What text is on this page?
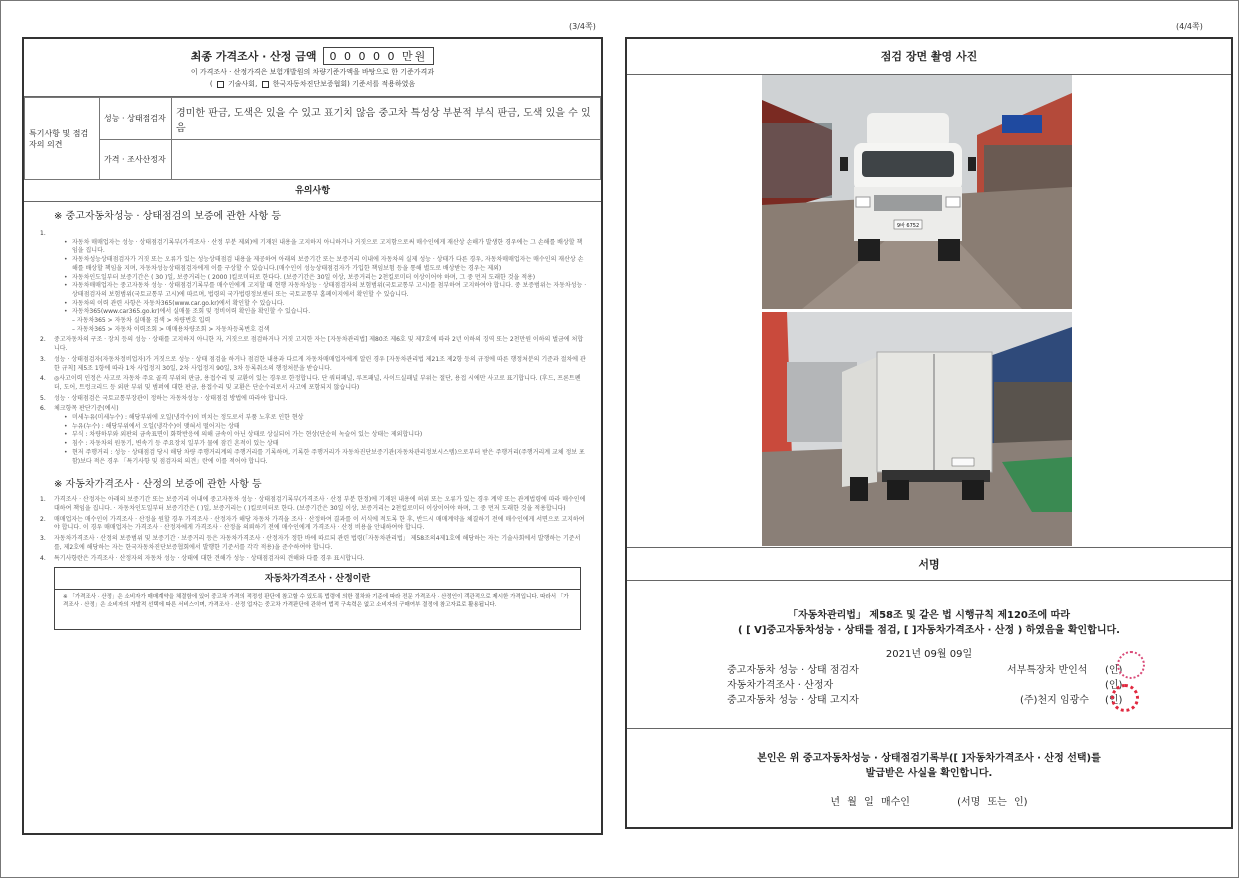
(3/4쪽)
최종 가격조사 · 산정 금액	0 0 0 0 0 만원
이 가격조사 · 산정가격은 보험개발원의 차량기준가액을 바탕으로 한 기준가격과
( 기술사회, 한국자동차진단보증협회) 기준서를 적용하였음
특기사항 및 점검자의 의견	성능 · 상태점검자	경미한 판금, 도색은 있을 수 있고 표기치 않음 중고차 특성상 부분적 부식 판금, 도색 있을 수 있음
	가격 · 조사산정자	
유의사항
※ 중고자동차성능 · 상태점검의 보증에 관한 사항 등
1.
• 자동차 매매업자는 성능 · 상태점검기록부(가격조사 · 산정 부분 제외)에 기재된 내용을 고지하지 아니하거나 거짓으로 고지함으로써 매수인에게 재산상 손해가 발생한 경우에는 그 손해를 배상할 책임을 집니다.
• 자동차성능상태점검자가 거짓 또는 오류가 있는 성능상태점검 내용을 제공하여 아래의 보증기간 또는 보증거리 이내에 자동차의 실제 성능 · 상태가 다른 경우, 자동차매매업자는 매수인의 재산상 손해를 배상할 책임을 지며, 자동차성능상태점검자에게 이를 구상할 수 있습니다.(매수인이 성능상태점검자가 가입한 책임보험 등을 통해 별도로 배상받는 경우는 제외)
• 자동차인도일부터 보증기간은 ( 30 )일, 보증거리는 ( 2000 )킬로미터로 한다다. (보증기간은 30일 이상, 보증거리는 2천킬로미터 이상이어야 하며, 그 중 먼저 도래한 것을 적용)
• 자동차매매업자는 중고자동차 성능 · 상태점검기록부를 매수인에게 고지할 때 현행 자동차성능 · 상태점검자의 보험범위(국토교통부 고시)를 첨부하여 고지하여야 합니다. 중 보증범위는 자동차성능 · 상태점검자의 보험범위(국토교통부 고시)에 따르며, 법령의 국가법령정보센터 또는 국토교통부 홈페이지에서 확인할 수 있습니다.
• 자동차의 이력 관련 사항은 자동차365(www.car.go.kr)에서 확인할 수 있습니다.
• 자동차365(www.car365.go.kr)에서 실매물 조회 및 정비이력 확인을 확인할 수 있습니다.
– 자동차365 > 자동차 실매물 검색 > 차량번호 입력
– 자동차365 > 자동차 이력조회 > 매매용차량조회 > 자동차등록번호 검색
2.	중고자동차의 구조 · 장치 등의 성능 · 상태를 고지하지 아니한 자, 거짓으로 점검하거나 거짓 고지한 자는 [자동차관리법] 제80조 제6호 및 제7호에 따라 2년 이하의 징역 또는 2천만원 이하의 벌금에 처합니다.
3.	성능 · 상태점검자(자동차정비업자)가 거짓으로 성능 · 상태 점검을 하거나 점검한 내용과 다르게 자동차매매업자에게 알린 경우 [자동차관리법 제21조 제2항 등의 규정에 따른 행정처분의 기준과 절차에 관한 규칙] 제5조 1항에 따라 1차 사업정지 30일, 2차 사업정지 90일, 3차 등록취소의 행정처분을 받습니다.
4.	◎사고이력 인정은 사고로 자동차 주요 골격 부위의 판금, 용접수리 및 교환이 있는 경우로 한정합니다. 단 쿼터패널, 루프패널, 사이드실패널 부위는 절단, 용접 시에만 사고로 표기합니다. (후드, 프론트펜더, 도어, 트렁크리드 등 외판 부위 및 범퍼에 대한 판금, 용접수리 및 교환은 단순수리로서 사고에 포함되지 않습니다)
5.	성능 · 상태점검은 국토교통부장관이 정하는 자동차성능 · 상태점검 방법에 따라야 합니다.
6.	체크항목 판단기준(예시)
• 미세누유(미세누수) : 해당부위에 오일(냉각수)이 비치는 정도로서 부품 노후로 인한 현상
• 누유(누수) : 해당부위에서 오일(냉각수)이 맺혀서 떨어지는 상태
• 부식 : 차량하부와 외판의 금속표면이 화학반응에 의해 금속이 아닌 상태로 상실되어 가는 현상(단순히 녹슬어 있는 상태는 제외합니다)
• 침수 : 자동차의 원동기, 변속기 등 주요장치 일부가 물에 잠긴 흔적이 있는 상태
• 현저 주행거리 : 성능 · 상태점검 당시 해당 차량 주행거리계의 주행거리를 기록하며, 기록한 주행거리가 자동차진단보증기관(자동차관리정보시스템)으로부터 받은 주행거리(주행거리계 교체 정보 포함)보다 적은 경우 「특기사항 및 점검자의 의견」란에 이를 적어야 합니다.
※ 자동차가격조사 · 산정의 보증에 관한 사항 등
1.	가격조사 · 산정자는 아래의 보증기간 또는 보증거리 이내에 중고자동차 성능 · 상태점검기록부(가격조사 · 산정 부분 한정)에 기재된 내용에 허위 또는 오류가 있는 경우 계약 또는 관계법령에 따라 매수인에 대하여 책임을 집니다. · 자동차인도일부터 보증기간은 ( )일, 보증거리는 ( )킬로미터로 한다. (보증기간은 30일 이상, 보증거리는 2천킬로미터 이상이어야 하며, 그 중 먼저 도래한 것을 적용합니다)
2.	매매업자는 매수인이 가격조사 · 산정을 원할 경우 가격조사 · 산정자가 해당 자동차 가격을 조사 · 산정하여 결과를 이 서식에 적도록 한 후, 반드시 매매계약을 체결하기 전에 매수인에게 서면으로 고지하여야 합니다. 이 경우 매매업자는 가격조사 · 산정자에게 가격조사 · 산정을 의뢰하기 전에 매수인에게 가격조사 · 산정 비용을 안내하여야 합니다.
3.	자동차가격조사 · 산정의 보증범위 및 보증기간 · 보증거리 등은 자동차가격조사 · 산정자가 정한 바에 따르되 관련 법령(「자동차관리법」 제58조의4제1호에 해당하는 자는 기술사회에서 발행하는 기준서를, 제2호에 해당하는 자는 한국자동차진단보증협회에서 발행한 기준서를 각각 적용)을 준수하여야 합니다.
4.	특기사항란은 가격조사 · 산정자의 자동차 성능 · 상태에 대한 견해가 성능 · 상태점검자의 견해와 다를 경우 표시합니다.
자동차가격조사 · 산정이란
※ 「가격조사 · 산정」은 소비자가 매매계약을 체결함에 있어 중고차 가격의 적정성 판단에 참고할 수 있도록 법령에 의한 절차와 기준에 따라 전문 가격조사 · 산정인이 객관적으로 제시한 가격입니다. 따라서 「가격조사 · 산정」은 소비자의 자발적 선택에 따른 서비스이며, 가격조사 · 산정 업자는 중고차 가격판단에 관하여 법적 구속력은 없고 소비자의 구매여부 결정에 참고자료로 활용됩니다.
(4/4쪽)
점검 장면 촬영 사진
9바 6752
서명
「자동차관리법」 제58조 및 같은 법 시행규칙 제120조에 따라
( [ V]중고자동차성능 · 상태를 점검, [ ]자동차가격조사 · 산정 ) 하였음을 확인합니다.
2021년 09월 09일
중고자동차 성능 · 상태 점검자	서부특장차 반인석 (인)
자동차가격조사 · 산정자	(인)
중고자동차 성능 · 상태 고지자	(주)천지 임광수 (인)
본인은 위 중고자동차성능 · 상태점검기록부([ ]자동차가격조사 · 산정 선택)를
발급받은 사실을 확인합니다.
년 월 일 매수인	(서명 또는 인)
